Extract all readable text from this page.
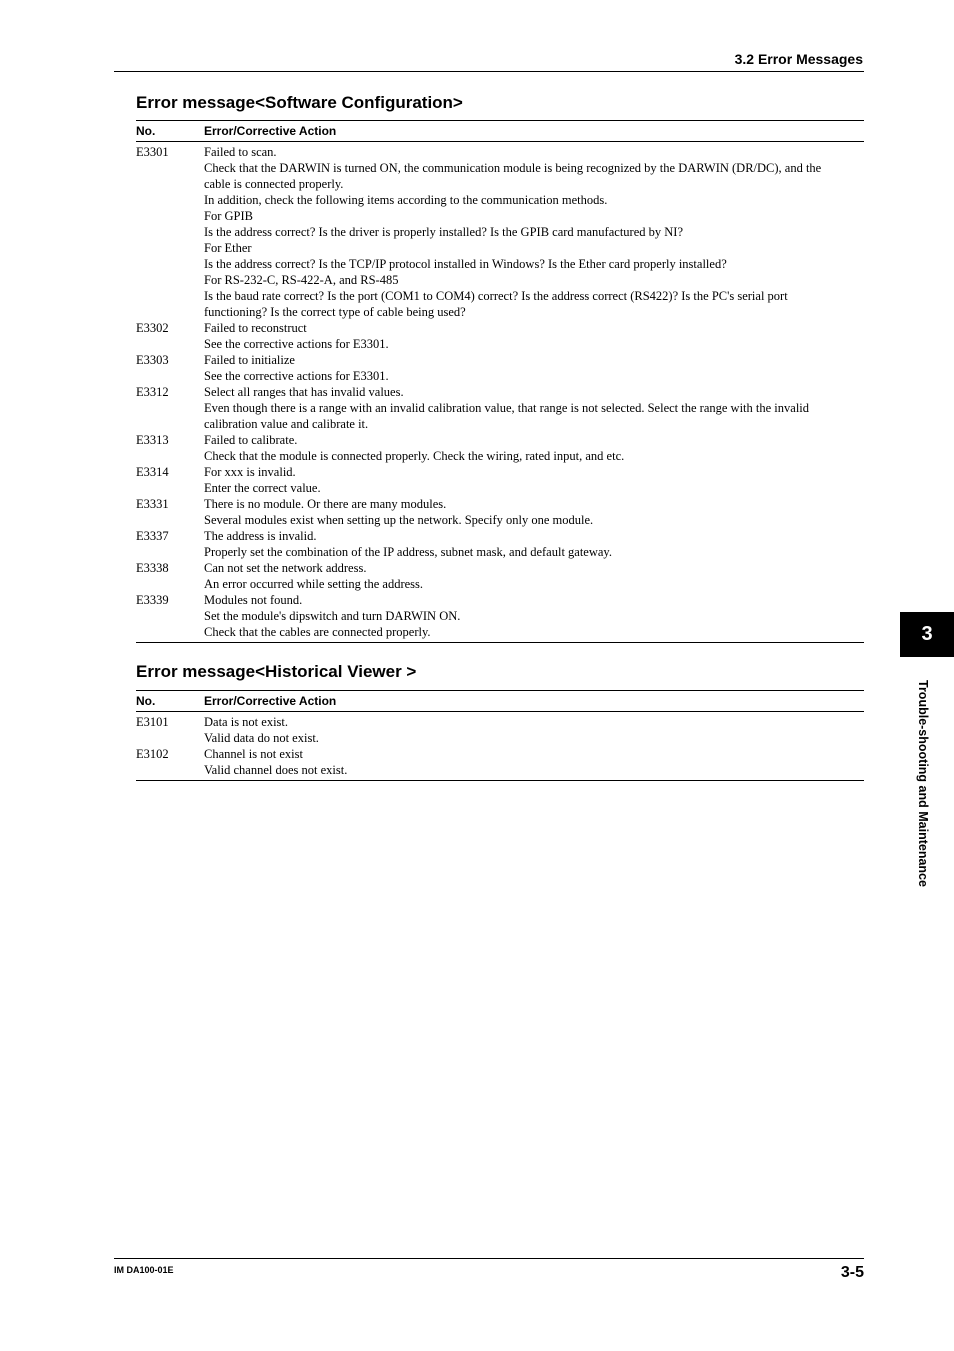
3.2 Error Messages
Error message<Software Configuration>
No.	Error/Corrective Action
E3301	Failed to scan.
Check that the DARWIN is turned ON, the communication module is being recognized by the DARWIN (DR/DC), and the
cable is connected properly.
In addition, check the following items according to the communication methods.
For GPIB
Is the address correct? Is the driver is properly installed? Is the GPIB card manufactured by NI?
For Ether
Is the address correct? Is the TCP/IP protocol installed in Windows? Is the Ether card properly installed?
For RS-232-C, RS-422-A, and RS-485
Is the baud rate correct? Is the port (COM1 to COM4) correct? Is the address correct (RS422)? Is the PC's serial port
functioning? Is the correct type of cable being used?
E3302	Failed to reconstruct
See the corrective actions for E3301.
E3303	Failed to initialize
See the corrective actions for E3301.
E3312	Select all ranges that has invalid values.
Even though there is a range with an invalid calibration value, that range is not selected. Select the range with the invalid
calibration value and calibrate it.
E3313	Failed to calibrate.
Check that the module is connected properly. Check the wiring, rated input, and etc.
E3314	For xxx is invalid.
Enter the correct value.
E3331	There is no module. Or there are many modules.
Several modules exist when setting up the network. Specify only one module.
E3337	The address is invalid.
Properly set the combination of the IP address, subnet mask, and default gateway.
E3338	Can not set the network address.
An error occurred while setting the address.
E3339	Modules not found.
Set the module's dipswitch and turn DARWIN ON.
Check that the cables are connected properly.
Error message<Historical Viewer >
No.	Error/Corrective Action
E3101	Data is not exist.
Valid data do not exist.
E3102	Channel is not exist
Valid channel does not exist.
3
Trouble-shooting and Maintenance
IM DA100-01E	3-5
